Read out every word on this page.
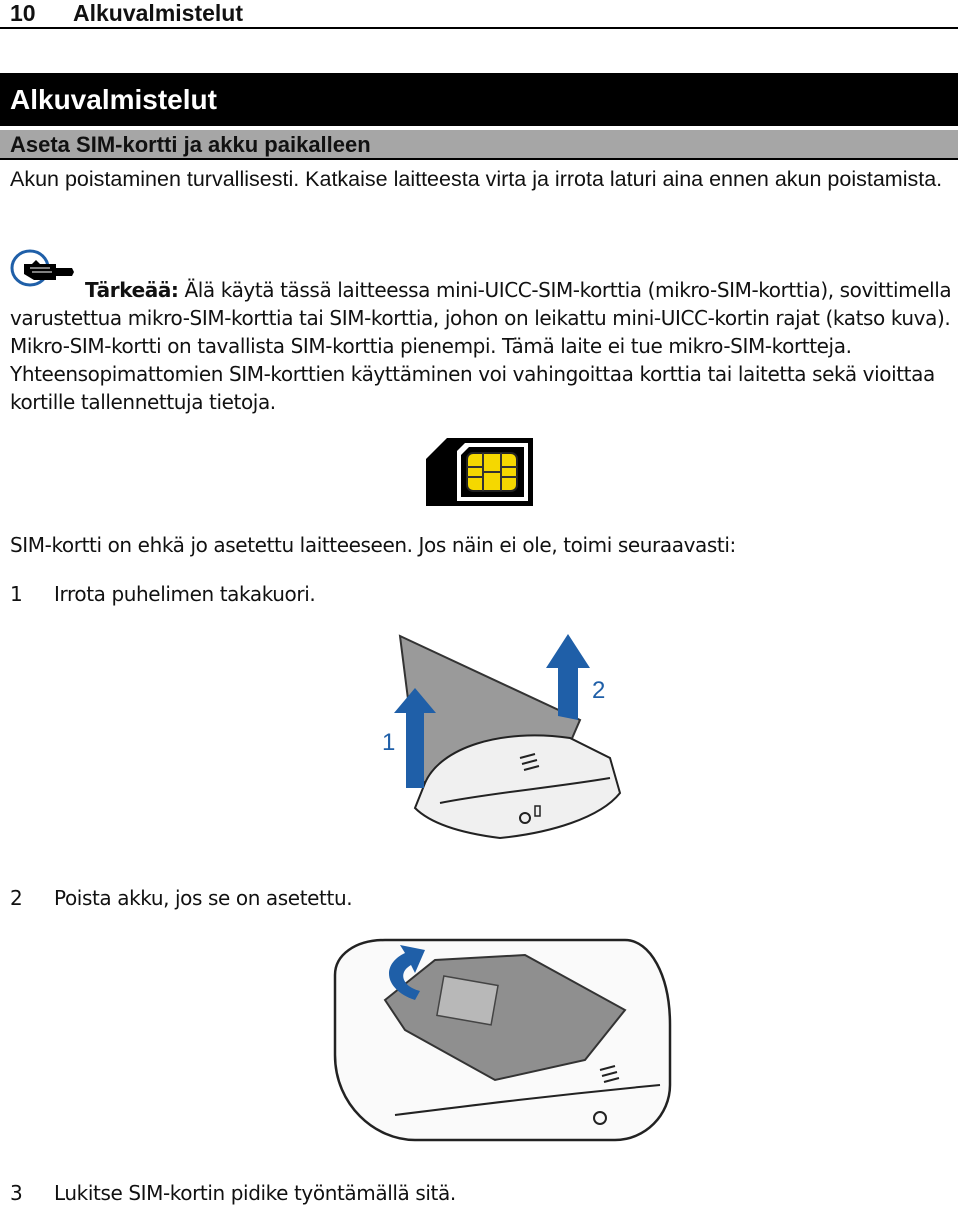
10 Alkuvalmistelut
Alkuvalmistelut
Aseta SIM-kortti ja akku paikalleen
Akun poistaminen turvallisesti. Katkaise laitteesta virta ja irrota laturi aina ennen akun poistamista.
Tärkeää: Älä käytä tässä laitteessa mini-UICC-SIM-korttia (mikro-SIM-korttia), sovittimella varustettua mikro-SIM-korttia tai SIM-korttia, johon on leikattu mini-UICC-kortin rajat (katso kuva). Mikro-SIM-kortti on tavallista SIM-korttia pienempi. Tämä laite ei tue mikro-SIM-kortteja. Yhteensopimattomien SIM-korttien käyttäminen voi vahingoittaa korttia tai laitetta sekä vioittaa kortille tallennettuja tietoja.
SIM-kortti on ehkä jo asetettu laitteeseen. Jos näin ei ole, toimi seuraavasti:
1 Irrota puhelimen takakuori.
1
2
2 Poista akku, jos se on asetettu.
3 Lukitse SIM-kortin pidike työntämällä sitä.
